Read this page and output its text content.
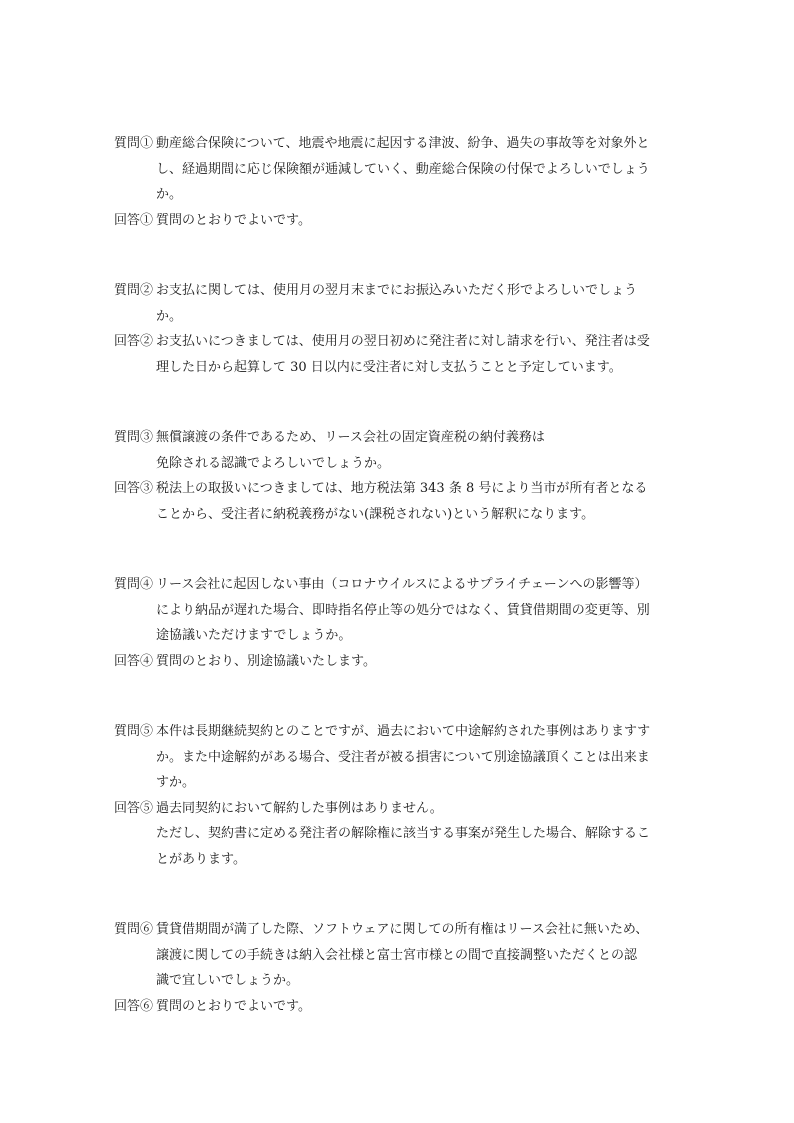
質問① 動産総合保険について、地震や地震に起因する津波、紛争、過失の事故等を対象外と
し、経過期間に応じ保険額が逓減していく、動産総合保険の付保でよろしいでしょう
か。
回答① 質問のとおりでよいです。
質問② お支払に関しては、使用月の翌月末までにお振込みいただく形でよろしいでしょう
か。
回答② お支払いにつきましては、使用月の翌日初めに発注者に対し請求を行い、発注者は受
理した日から起算して 30 日以内に受注者に対し支払うことと予定しています。
質問③ 無償譲渡の条件であるため、リース会社の固定資産税の納付義務は
免除される認識でよろしいでしょうか。
回答③ 税法上の取扱いにつきましては、地方税法第 343 条 8 号により当市が所有者となる
ことから、受注者に納税義務がない(課税されない)という解釈になります。
質問④ リース会社に起因しない事由（コロナウイルスによるサプライチェーンへの影響等）
により納品が遅れた場合、即時指名停止等の処分ではなく、賃貸借期間の変更等、別
途協議いただけますでしょうか。
回答④ 質問のとおり、別途協議いたします。
質問⑤ 本件は長期継続契約とのことですが、過去において中途解約された事例はありますす
か。また中途解約がある場合、受注者が被る損害について別途協議頂くことは出来ま
すか。
回答⑤ 過去同契約において解約した事例はありません。
ただし、契約書に定める発注者の解除権に該当する事案が発生した場合、解除するこ
とがあります。
質問⑥ 賃貸借期間が満了した際、ソフトウェアに関しての所有権はリース会社に無いため、
譲渡に関しての手続きは納入会社様と富士宮市様との間で直接調整いただくとの認
識で宜しいでしょうか。
回答⑥ 質問のとおりでよいです。
